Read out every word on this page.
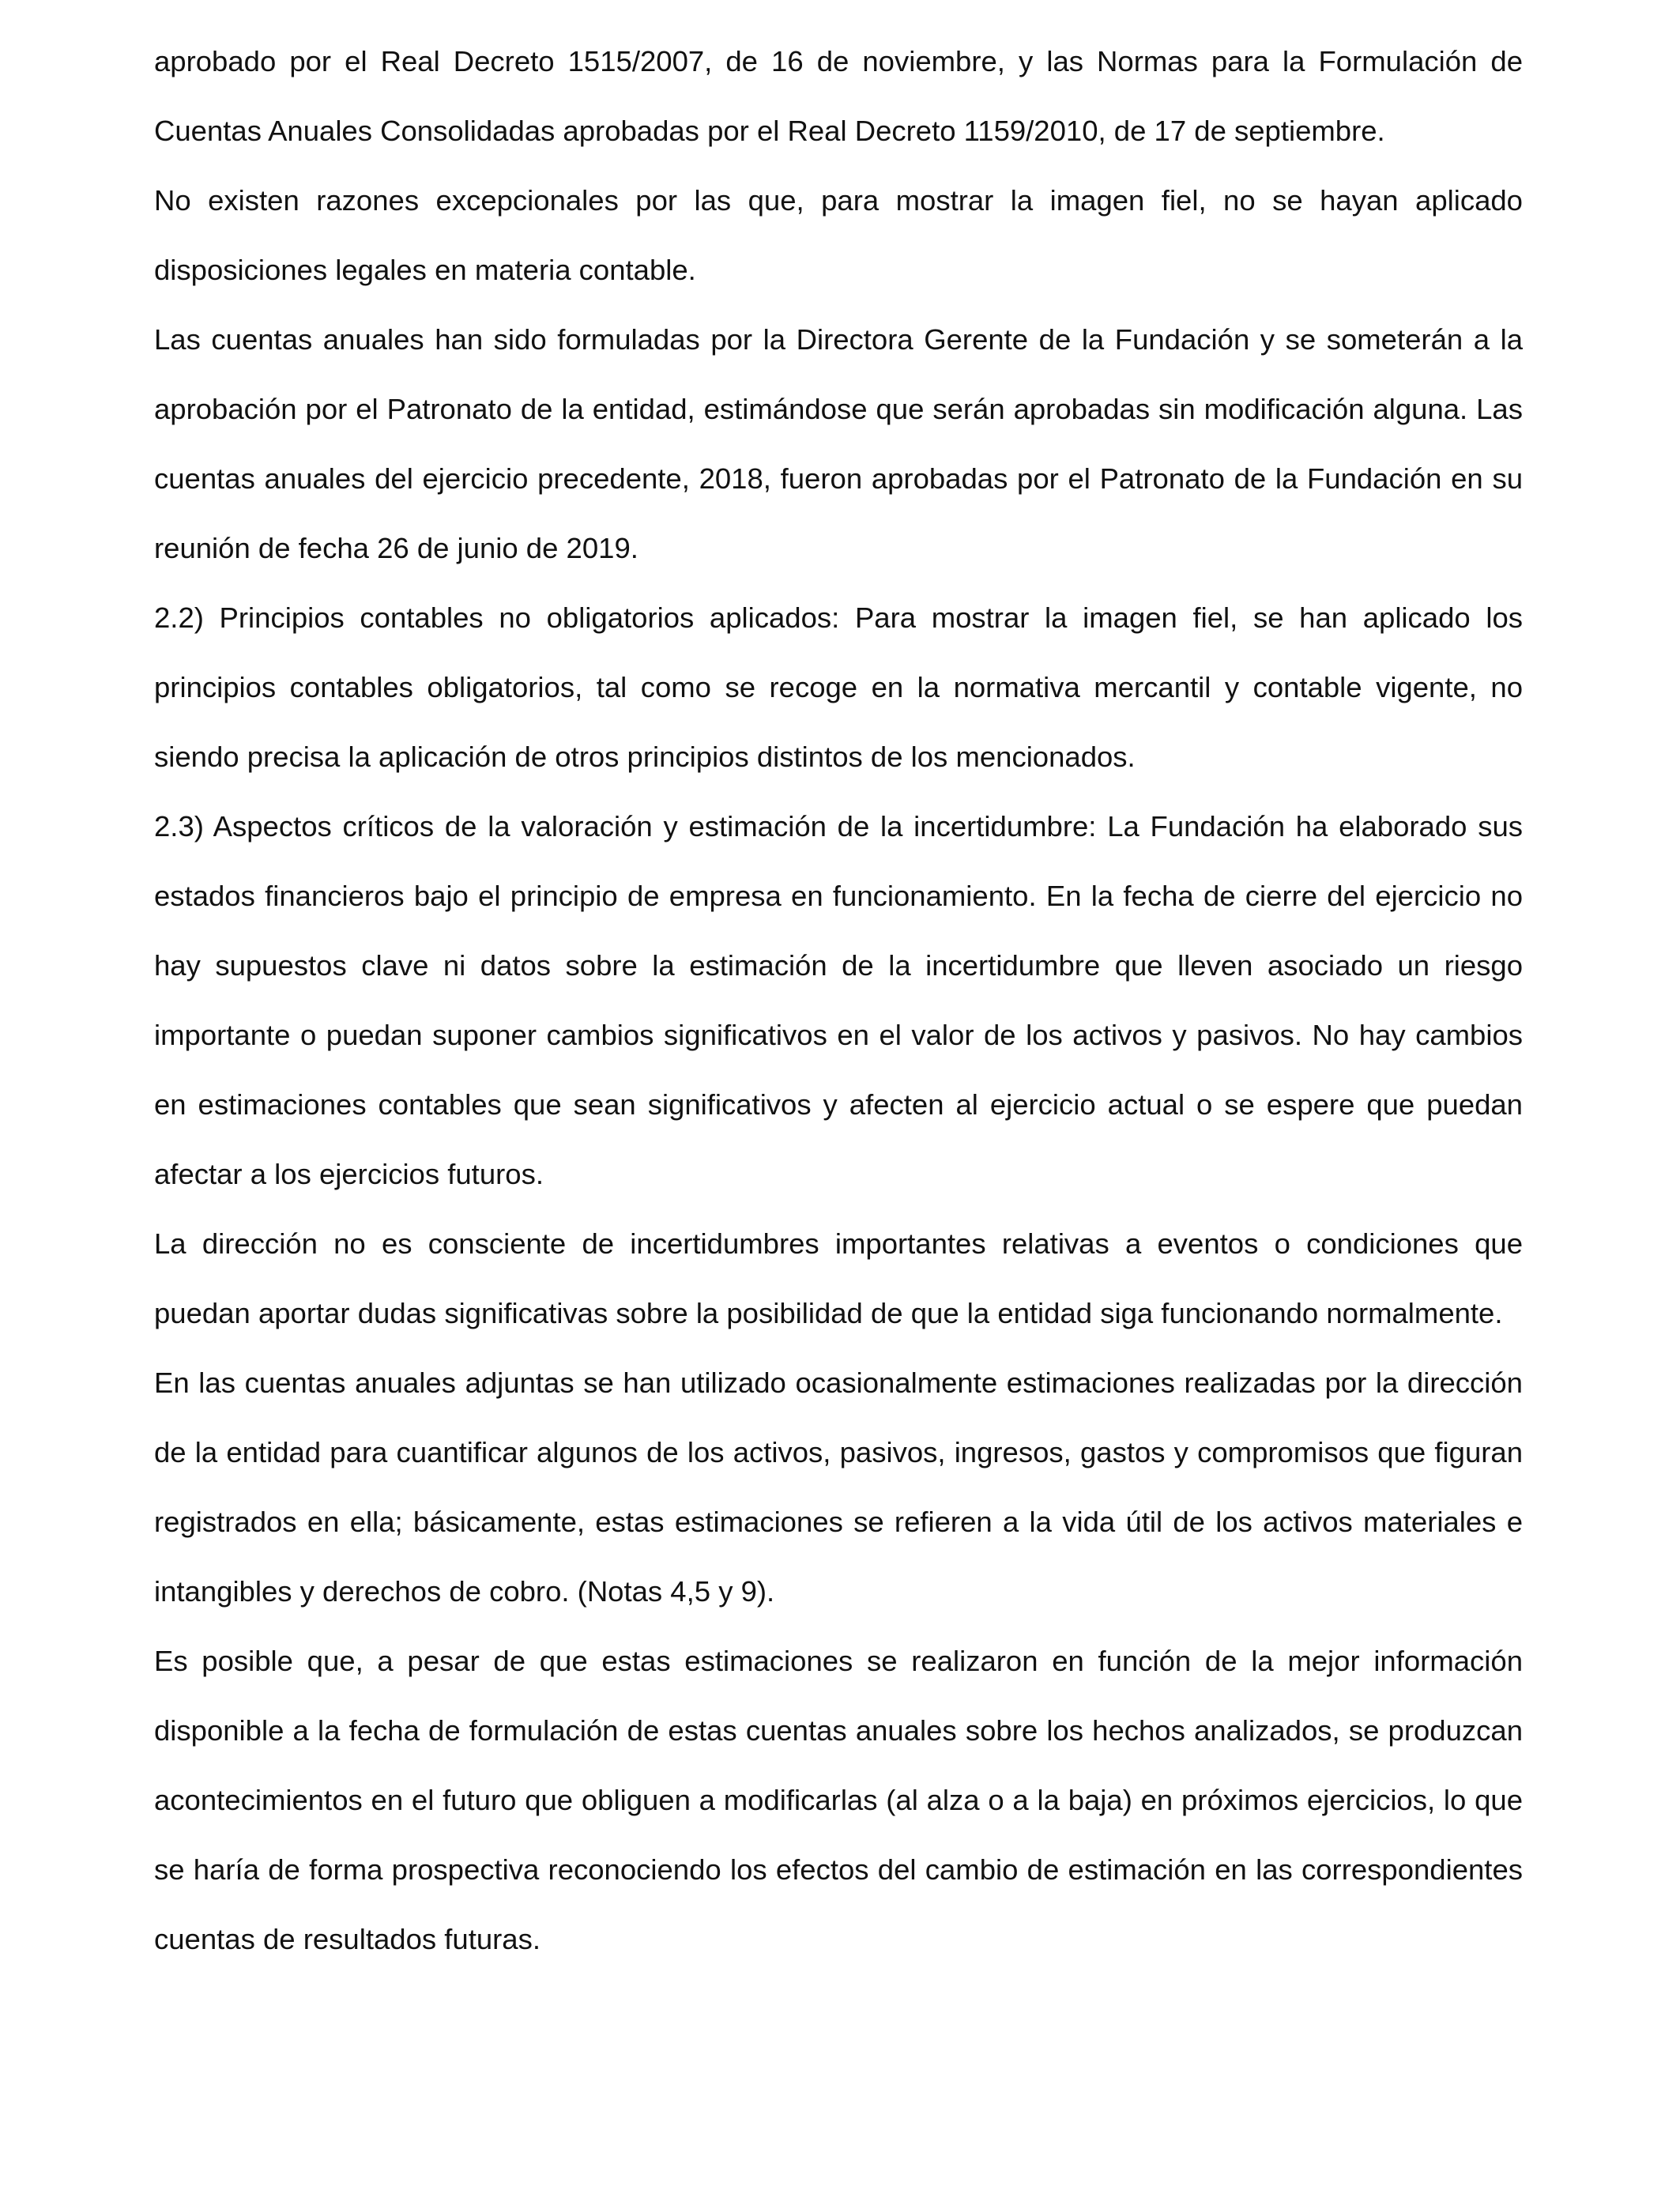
aprobado por el Real Decreto 1515/2007, de 16 de noviembre, y las Normas para la Formulación de Cuentas Anuales Consolidadas aprobadas por el Real Decreto 1159/2010, de 17 de septiembre.

No existen razones excepcionales por las que, para mostrar la imagen fiel, no se hayan aplicado disposiciones legales en materia contable.

Las cuentas anuales han sido formuladas por la Directora Gerente de la Fundación y se someterán a la aprobación por el Patronato de la entidad, estimándose que serán aprobadas sin modificación alguna. Las cuentas anuales del ejercicio precedente, 2018, fueron aprobadas por el Patronato de la Fundación en su reunión de fecha 26 de junio de 2019.

2.2) Principios contables no obligatorios aplicados: Para mostrar la imagen fiel, se han aplicado los principios contables obligatorios, tal como se recoge en la normativa mercantil y contable vigente, no siendo precisa la aplicación de otros principios distintos de los mencionados.

2.3) Aspectos críticos de la valoración y estimación de la incertidumbre: La Fundación ha elaborado sus estados financieros bajo el principio de empresa en funcionamiento. En la fecha de cierre del ejercicio no hay supuestos clave ni datos sobre la estimación de la incertidumbre que lleven asociado un riesgo importante o puedan suponer cambios significativos en el valor de los activos y pasivos. No hay cambios en estimaciones contables que sean significativos y afecten al ejercicio actual o se espere que puedan afectar a los ejercicios futuros.

La dirección no es consciente de incertidumbres importantes relativas a eventos o condiciones que puedan aportar dudas significativas sobre la posibilidad de que la entidad siga funcionando normalmente.

En las cuentas anuales adjuntas se han utilizado ocasionalmente estimaciones realizadas por la dirección de la entidad para cuantificar algunos de los activos, pasivos, ingresos, gastos y compromisos que figuran registrados en ella; básicamente, estas estimaciones se refieren a la vida útil de los activos materiales e intangibles y derechos de cobro. (Notas 4,5 y 9).

Es posible que, a pesar de que estas estimaciones se realizaron en función de la mejor información disponible a la fecha de formulación de estas cuentas anuales sobre los hechos analizados, se produzcan acontecimientos en el futuro que obliguen a modificarlas (al alza o a la baja) en próximos ejercicios, lo que se haría de forma prospectiva reconociendo los efectos del cambio de estimación en las correspondientes cuentas de resultados futuras.
